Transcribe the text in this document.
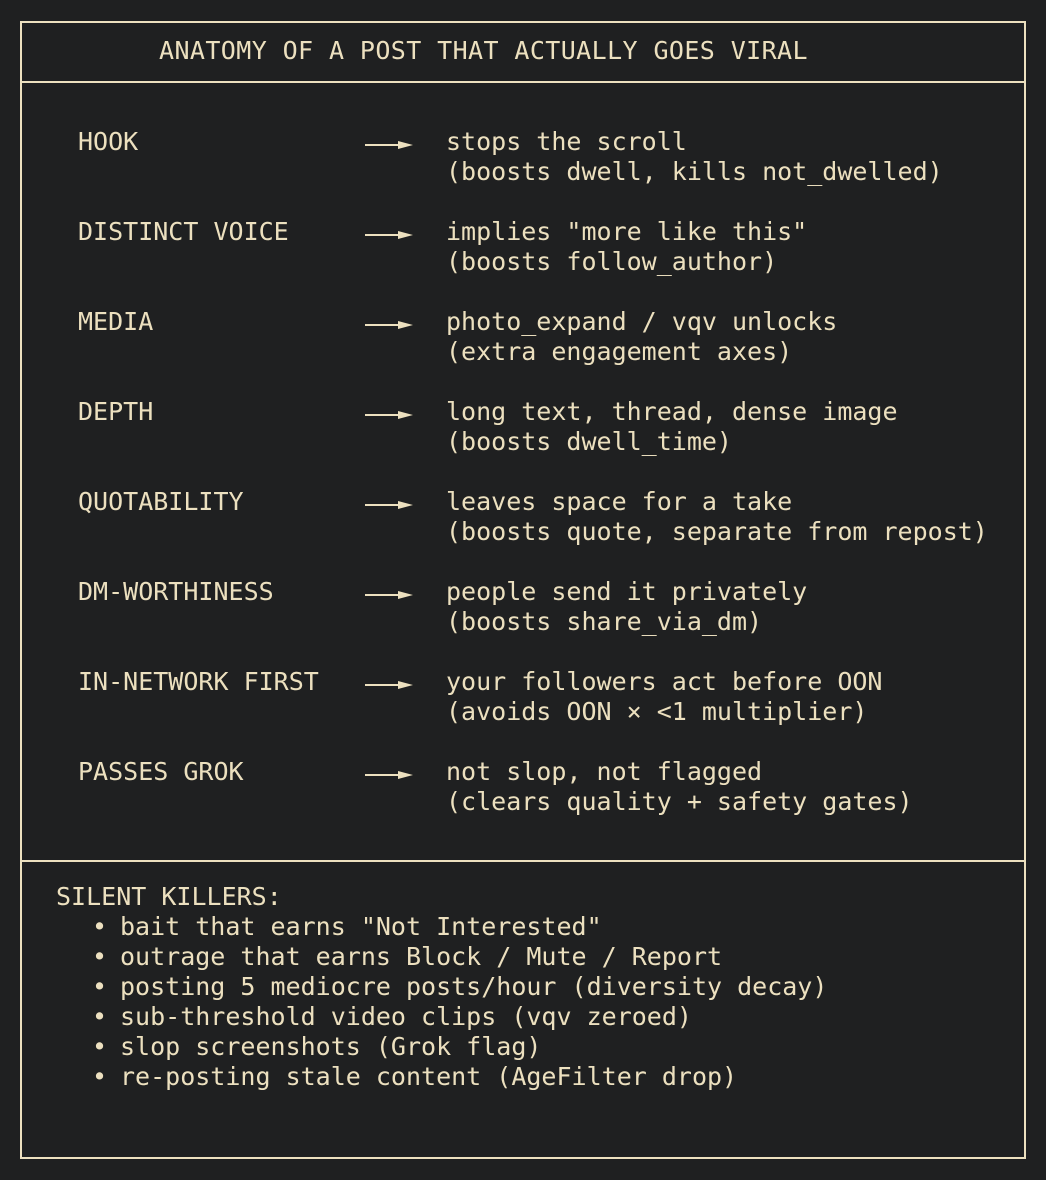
ANATOMY OF A POST THAT ACTUALLY GOES VIRAL
HOOK	stops the scroll
(boosts dwell, kills not_dwelled)
DISTINCT VOICE	implies "more like this"
(boosts follow_author)
MEDIA	photo_expand / vqv unlocks
(extra engagement axes)
DEPTH	long text, thread, dense image
(boosts dwell_time)
QUOTABILITY	leaves space for a take
(boosts quote, separate from repost)
DM-WORTHINESS	people send it privately
(boosts share_via_dm)
IN-NETWORK FIRST	your followers act before OON
(avoids OON × <1 multiplier)
PASSES GROK	not slop, not flagged
(clears quality + safety gates)
SILENT KILLERS:
• bait that earns "Not Interested"
• outrage that earns Block / Mute / Report
• posting 5 mediocre posts/hour (diversity decay)
• sub-threshold video clips (vqv zeroed)
• slop screenshots (Grok flag)
• re-posting stale content (AgeFilter drop)
